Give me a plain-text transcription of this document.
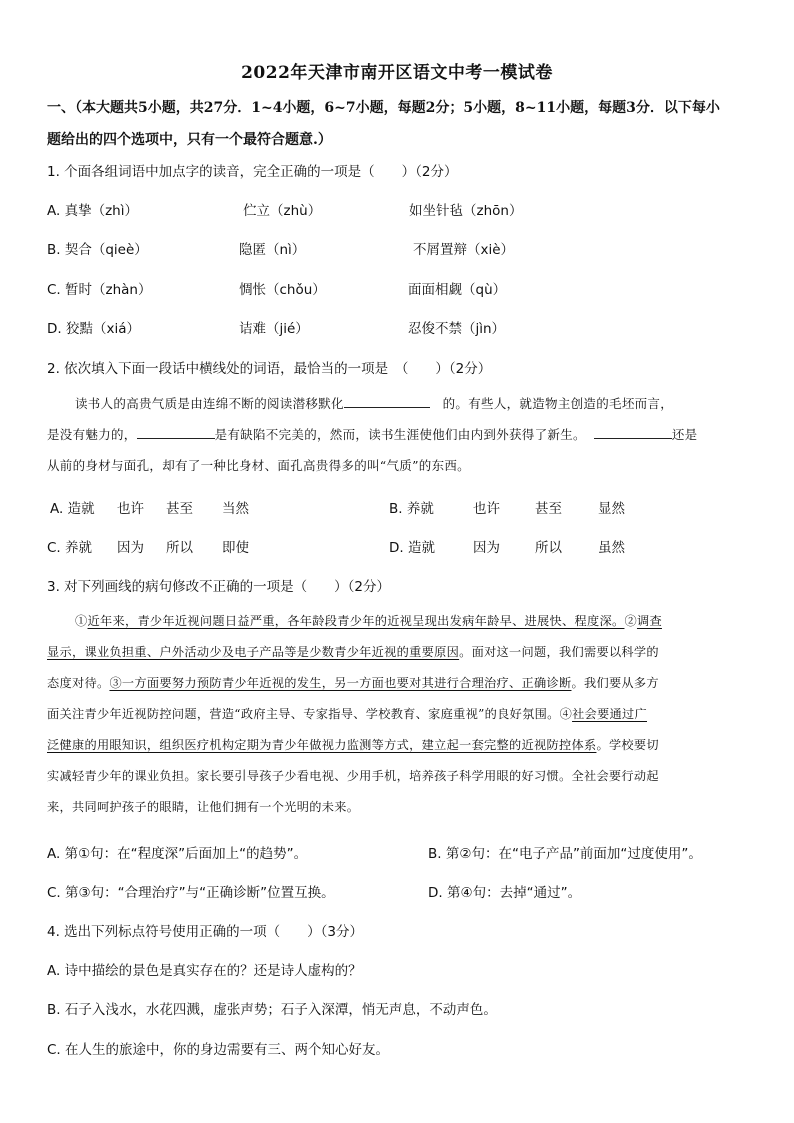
2022年天津市南开区语文中考一模试卷
一、（本大题共5小题，共27分．1~4小题，6~7小题，每题2分；5小题，8~11小题，每题3分．以下每小
题给出的四个选项中，只有一个最符合题意.）
1. 个面各组词语中加点字的读音，完全正确的一项是（　　）（2分）
A. 真挚（zhì）	伫立（zhù）	如坐针毡（zhōn）
B. 契合（qieè）	隐匿（nì）	不屑置辩（xiè）
C. 暂时（zhàn）	惆怅（chǒu）	面面相觑（qù）
D. 狡黠（xiá）	诘难（jié）	忍俊不禁（jìn）
2. 依次填入下面一段话中横线处的词语，最恰当的一项是　（　　）（2分）
读书人的高贵气质是由连绵不断的阅读潜移默化　	的。有些人，就造物主创造的毛坯而言，
是没有魅力的，	是有缺陷不完美的，然而，读书生涯使他们由内到外获得了新生。	还是
从前的身材与面孔，却有了一种比身材、面孔高贵得多的叫“气质”的东西。
A. 造就 也许 甚至 当然	B. 养就	也许	甚至	显然
C. 养就 因为 所以 即使	D. 造就	因为	所以	虽然
3. 对下列画线的病句修改不正确的一项是（　　）（2分）
①近年来，青少年近视问题日益严重，各年龄段青少年的近视呈现出发病年龄早、进展快、程度深。②调查
显示，课业负担重、户外活动少及电子产品等是少数青少年近视的重要原因。面对这一问题，我们需要以科学的
态度对待。③一方面要努力预防青少年近视的发生，另一方面也要对其进行合理治疗、正确诊断。我们要从多方
面关注青少年近视防控问题，营造“政府主导、专家指导、学校教育、家庭重视”的良好氛围。④社会要通过广
泛健康的用眼知识，组织医疗机构定期为青少年做视力监测等方式，建立起一套完整的近视防控体系。学校要切
实减轻青少年的课业负担。家长要引导孩子少看电视、少用手机，培养孩子科学用眼的好习惯。全社会要行动起
来，共同呵护孩子的眼睛，让他们拥有一个光明的未来。
A. 第①句：在“程度深”后面加上“的趋势”。	B. 第②句：在“电子产品”前面加“过度使用”。
C. 第③句：“合理治疗”与“正确诊断”位置互换。	D. 第④句：去掉“通过”。
4. 选出下列标点符号使用正确的一项（　　）（3分）
A. 诗中描绘的景色是真实存在的？还是诗人虚构的？
B. 石子入浅水，水花四溅，虚张声势；石子入深潭，悄无声息，不动声色。
C. 在人生的旅途中，你的身边需要有三、两个知心好友。
